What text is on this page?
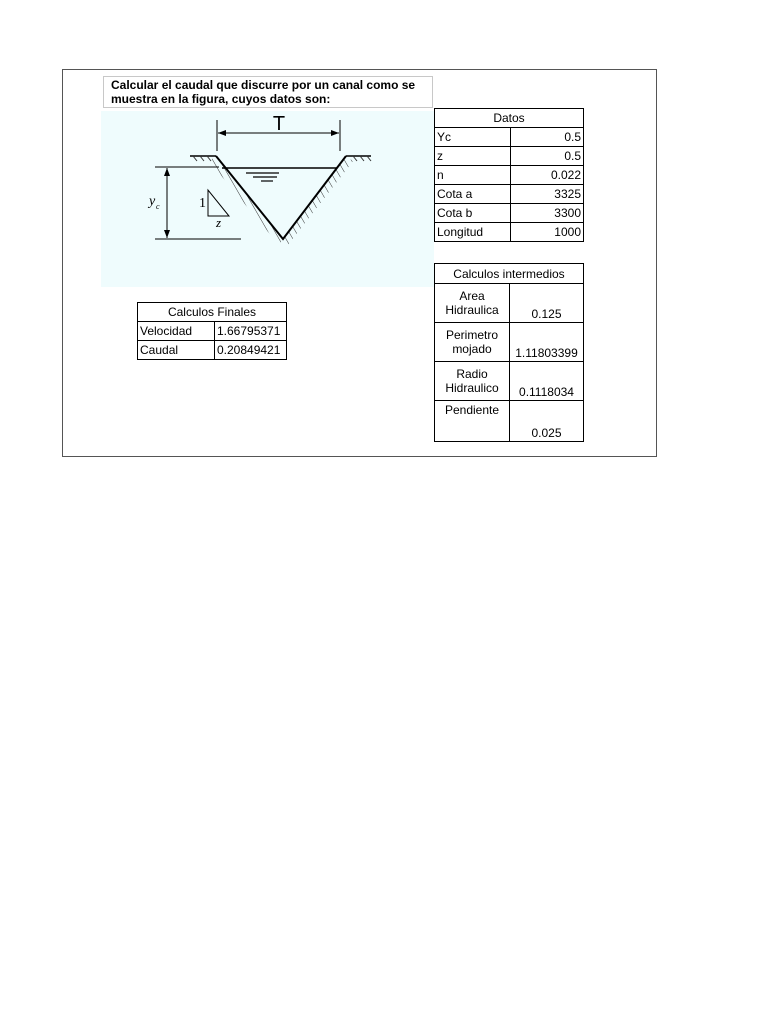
Calcular el caudal que discurre por un canal como se
muestra en la figura, cuyos datos son:
T
y c	1
z
Datos	
Yc	0.5
z	0.5
n	0.022
Cota a	3325
Cota b	3300
Longitud	1000
Calculos intermedios	

Area
Hidraulica	0.125

Perimetro
mojado	1.11803399

Radio
Hidraulico	0.1118034

Pendiente	0.025
Calculos Finales	
Velocidad	1.66795371
Caudal	0.20849421
